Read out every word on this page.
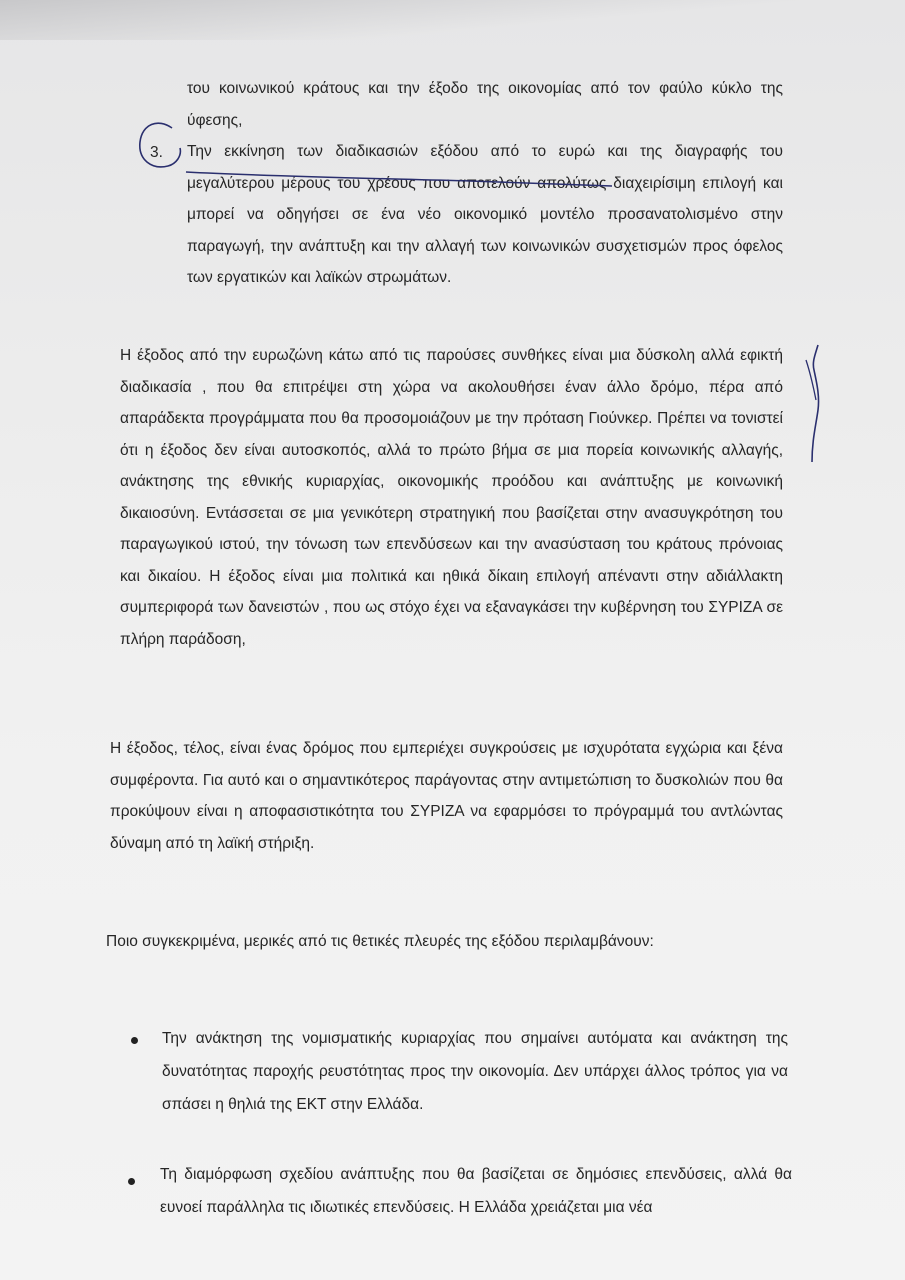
του κοινωνικού κράτους και την έξοδο της οικονομίας από τον φαύλο κύκλο της ύφεσης,
Την εκκίνηση των διαδικασιών εξόδου από το ευρώ και της διαγραφής του μεγαλύτερου μέρους του χρέους που αποτελούν απολύτως διαχειρίσιμη επιλογή και μπορεί να οδηγήσει σε ένα νέο οικονομικό μοντέλο προσανατολισμένο στην παραγωγή, την ανάπτυξη και την αλλαγή των κοινωνικών συσχετισμών προς όφελος των εργατικών και λαϊκών στρωμάτων.
3.

Η έξοδος από την ευρωζώνη κάτω από τις παρούσες συνθήκες είναι μια δύσκολη αλλά εφικτή διαδικασία , που θα επιτρέψει στη χώρα να ακολουθήσει έναν άλλο δρόμο, πέρα από απαράδεκτα προγράμματα που θα προσομοιάζουν με την πρόταση Γιούνκερ. Πρέπει να τονιστεί ότι η έξοδος δεν είναι αυτοσκοπός, αλλά το πρώτο βήμα σε μια πορεία κοινωνικής αλλαγής, ανάκτησης της εθνικής κυριαρχίας, οικονομικής προόδου και ανάπτυξης με κοινωνική δικαιοσύνη. Εντάσσεται σε μια γενικότερη στρατηγική που βασίζεται στην ανασυγκρότηση του παραγωγικού ιστού, την τόνωση των επενδύσεων και την ανασύσταση του κράτους πρόνοιας και δικαίου. Η έξοδος είναι μια πολιτικά και ηθικά δίκαιη επιλογή απέναντι στην αδιάλλακτη συμπεριφορά των δανειστών , που ως στόχο έχει να εξαναγκάσει την κυβέρνηση του ΣΥΡΙΖΑ σε πλήρη παράδοση,

Η έξοδος, τέλος, είναι ένας δρόμος που εμπεριέχει συγκρούσεις με ισχυρότατα εγχώρια και ξένα συμφέροντα. Για αυτό και ο σημαντικότερος παράγοντας στην αντιμετώπιση το δυσκολιών που θα προκύψουν είναι η αποφασιστικότητα του ΣΥΡΙΖΑ να εφαρμόσει το πρόγραμμά του αντλώντας δύναμη από τη λαϊκή στήριξη.

Ποιο συγκεκριμένα, μερικές από τις θετικές πλευρές της εξόδου περιλαμβάνουν:

Την ανάκτηση της νομισματικής κυριαρχίας που σημαίνει αυτόματα και ανάκτηση της δυνατότητας παροχής ρευστότητας προς την οικονομία. Δεν υπάρχει άλλος τρόπος για να σπάσει η θηλιά της ΕΚΤ στην Ελλάδα.

Τη διαμόρφωση σχεδίου ανάπτυξης που θα βασίζεται σε δημόσιες επενδύσεις, αλλά θα ευνοεί παράλληλα τις ιδιωτικές επενδύσεις. Η Ελλάδα χρειάζεται μια νέα
